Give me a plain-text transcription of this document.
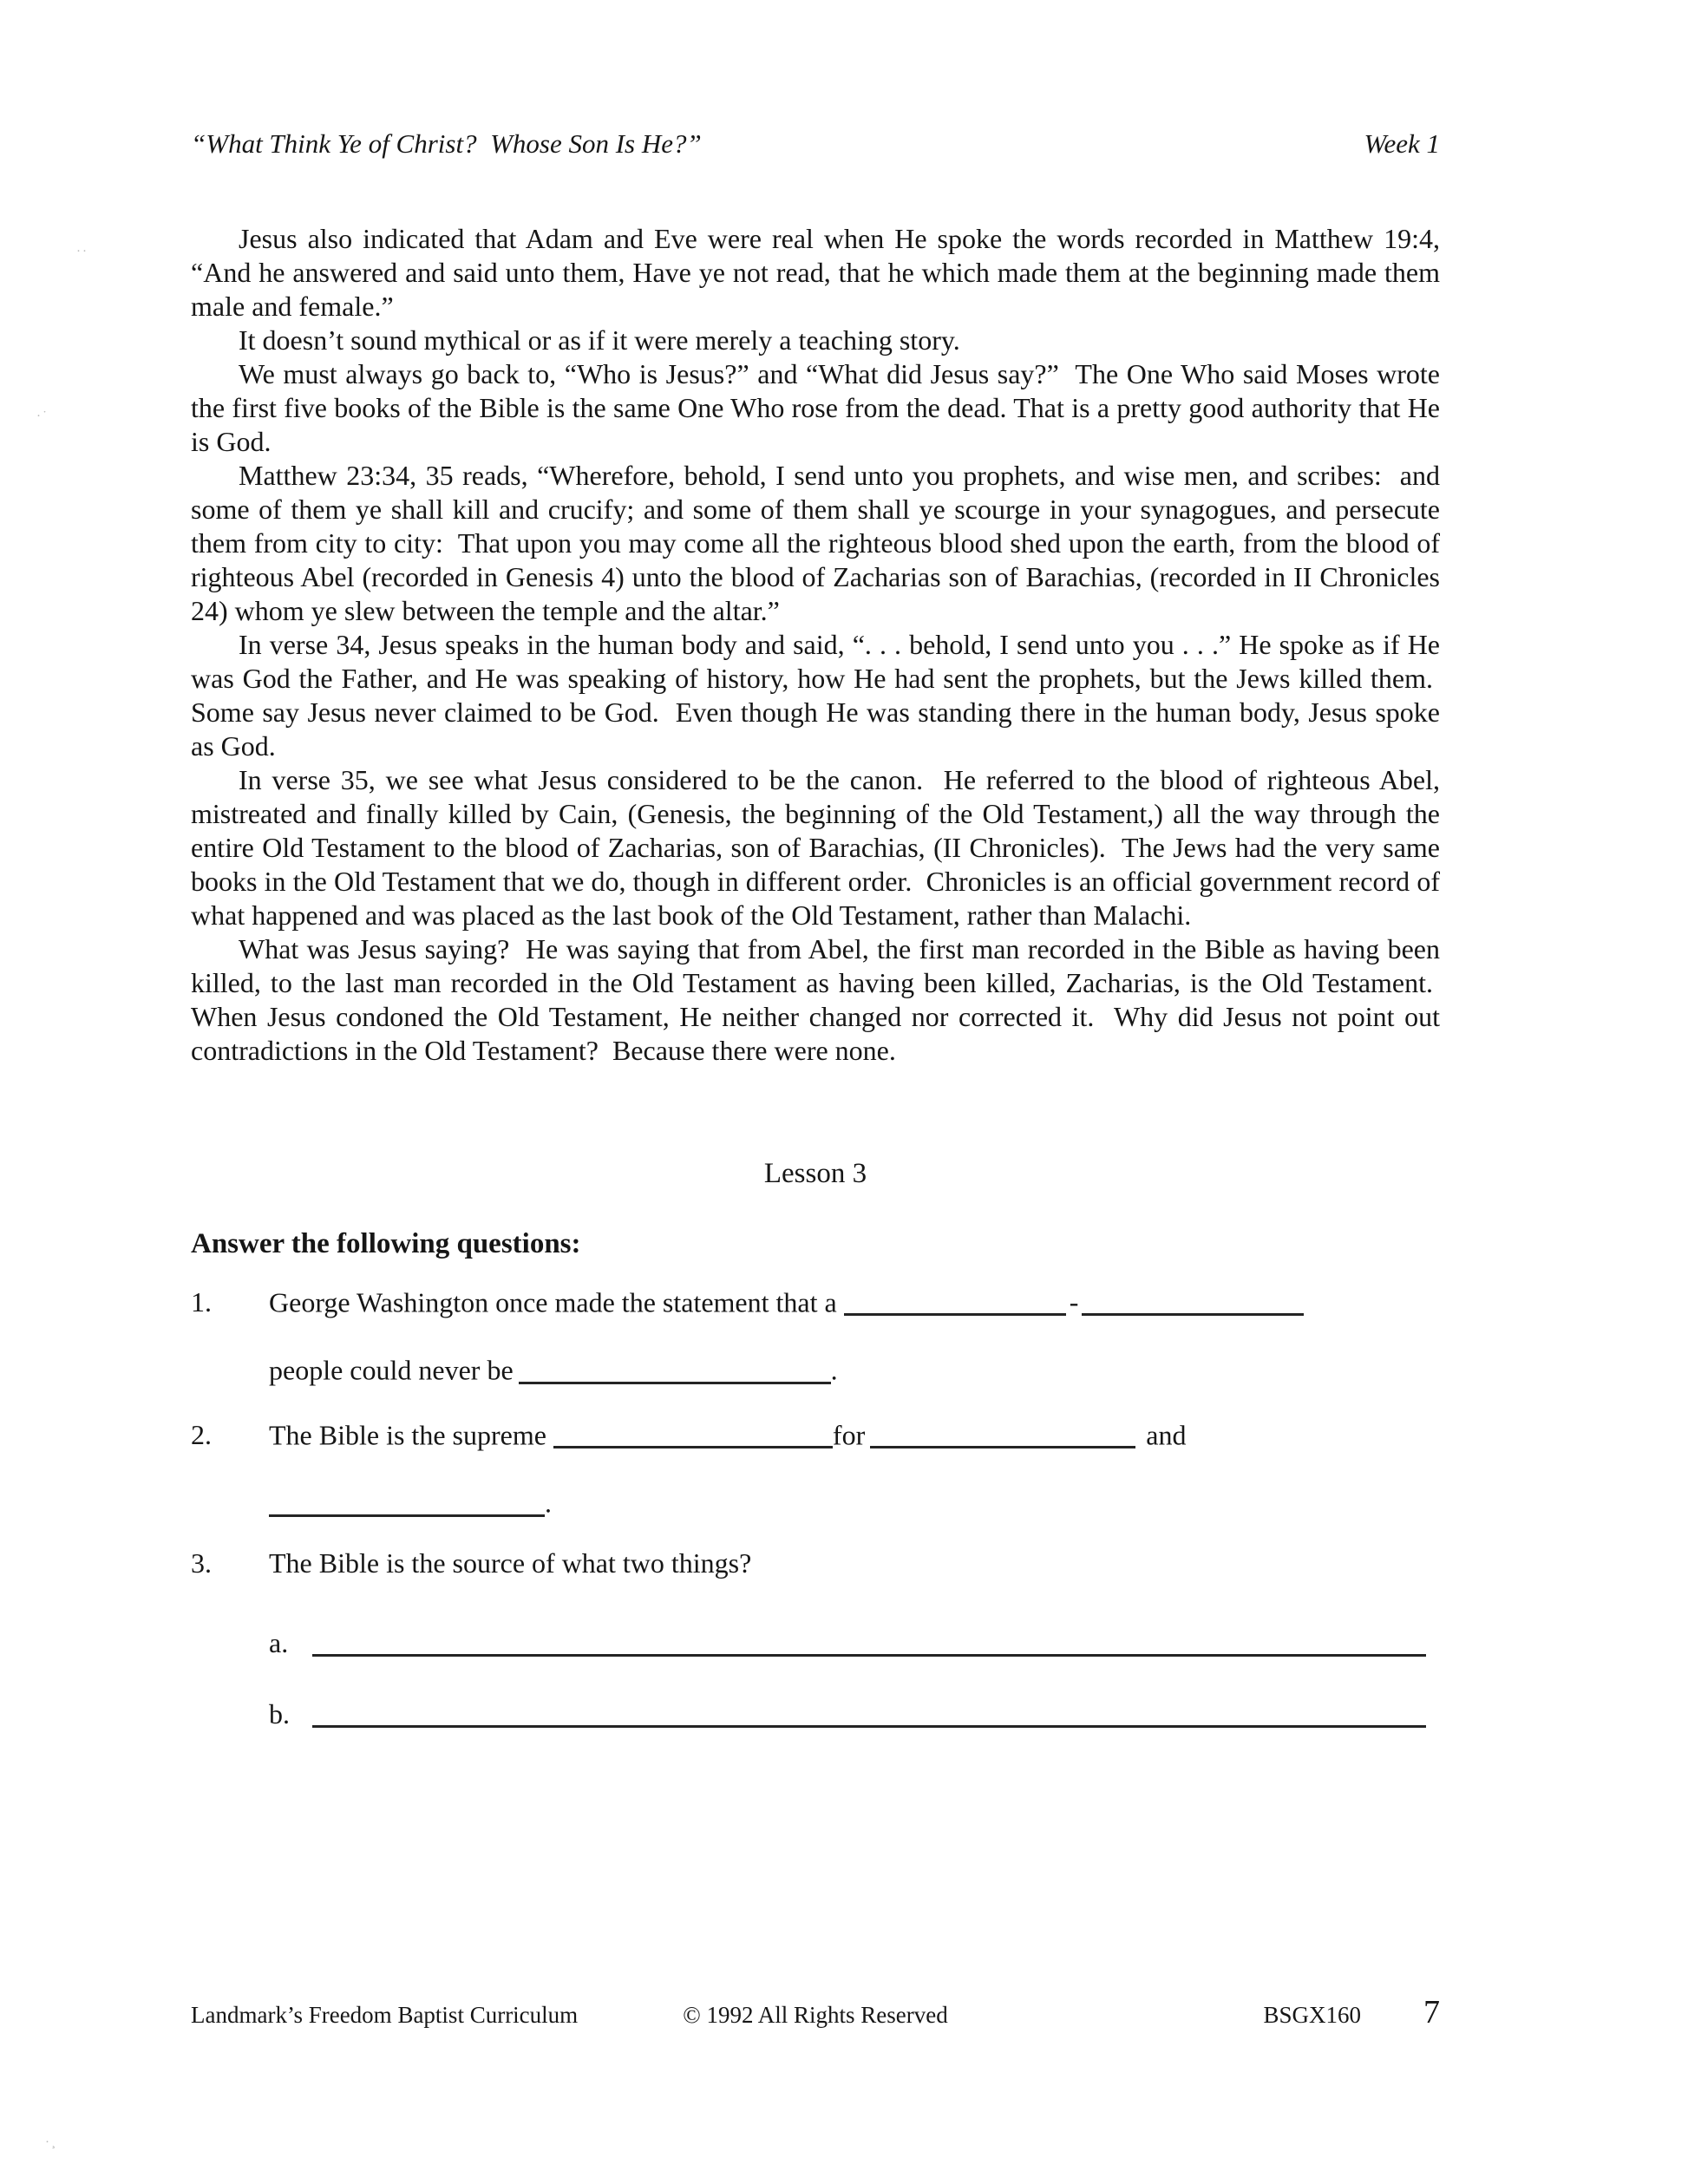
“What Think Ye of Christ?  Whose Son Is He?”	Week 1

Jesus also indicated that Adam and Eve were real when He spoke the words recorded in Matthew 19:4, “And he answered and said unto them, Have ye not read, that he which made them at the beginning made them male and female.”

It doesn’t sound mythical or as if it were merely a teaching story.

We must always go back to, “Who is Jesus?” and “What did Jesus say?”  The One Who said Moses wrote the first five books of the Bible is the same One Who rose from the dead. That is a pretty good authority that He is God.

Matthew 23:34, 35 reads, “Wherefore, behold, I send unto you prophets, and wise men, and scribes:  and some of them ye shall kill and crucify; and some of them shall ye scourge in your synagogues, and persecute them from city to city:  That upon you may come all the righteous blood shed upon the earth, from the blood of righteous Abel (recorded in Genesis 4) unto the blood of Zacharias son of Barachias, (recorded in II Chronicles 24) whom ye slew between the temple and the altar.”

In verse 34, Jesus speaks in the human body and said, “. . . behold, I send unto you . . .” He spoke as if He was God the Father, and He was speaking of history, how He had sent the prophets, but the Jews killed them.  Some say Jesus never claimed to be God.  Even though He was standing there in the human body, Jesus spoke as God.

In verse 35, we see what Jesus considered to be the canon.  He referred to the blood of righteous Abel, mistreated and finally killed by Cain, (Genesis, the beginning of the Old Testament,) all the way through the entire Old Testament to the blood of Zacharias, son of Barachias, (II Chronicles).  The Jews had the very same books in the Old Testament that we do, though in different order.  Chronicles is an official government record of what happened and was placed as the last book of the Old Testament, rather than Malachi.

What was Jesus saying?  He was saying that from Abel, the first man recorded in the Bible as having been killed, to the last man recorded in the Old Testament as having been killed, Zacharias, is the Old Testament.  When Jesus condoned the Old Testament, He neither changed nor corrected it.  Why did Jesus not point out contradictions in the Old Testament?  Because there were none.

Lesson 3
Answer the following questions:
1.	George Washington once made the statement that a	-
people could never be	.
2.	The Bible is the supreme	for	and
.
3.	The Bible is the source of what two things?
a.
b.
Landmark’s Freedom Baptist Curriculum	© 1992 All Rights Reserved	BSGX160 7
··
·˙
·¸
